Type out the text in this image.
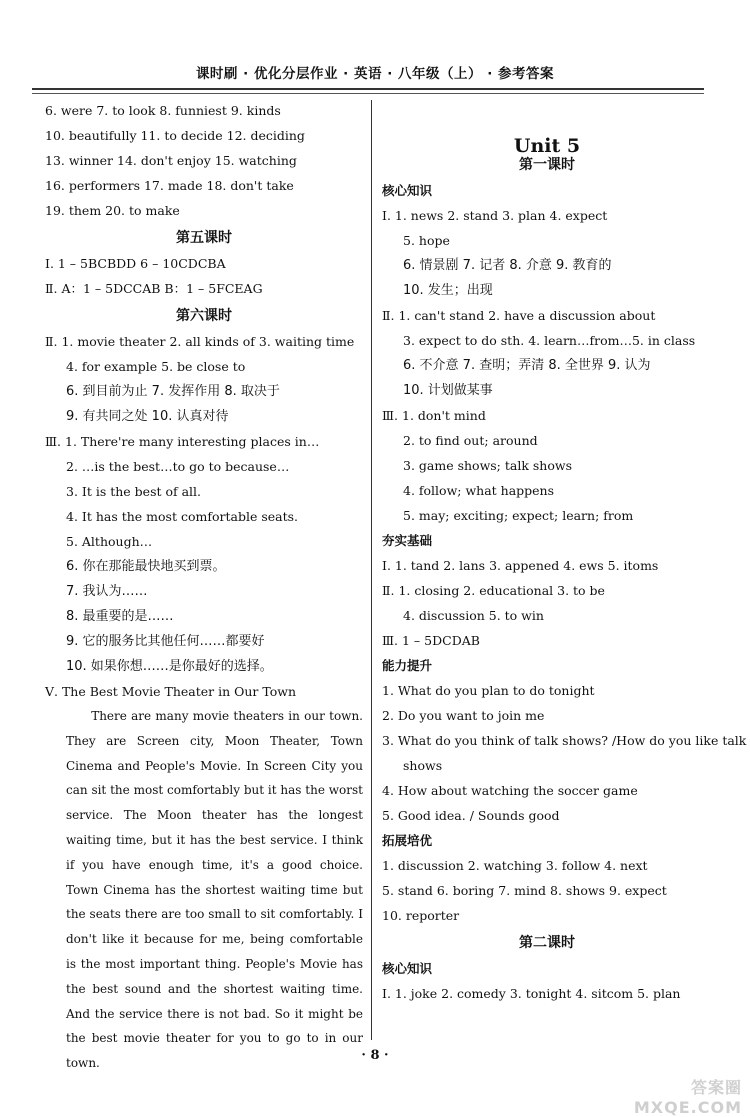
课时刷 · 优化分层作业 · 英语 · 八年级（上） · 参考答案
6. were 7. to look 8. funniest 9. kinds
10. beautifully 11. to decide 12. deciding
13. winner 14. don't enjoy 15. watching
16. performers 17. made 18. don't take
19. them 20. to make
第五课时
Ⅰ. 1 – 5BCBDD 6 – 10CDCBA
Ⅱ. A：1 – 5DCCAB B：1 – 5FCEAG
第六课时
Ⅱ. 1. movie theater 2. all kinds of 3. waiting time
4. for example 5. be close to
6. 到目前为止 7. 发挥作用 8. 取决于
9. 有共同之处 10. 认真对待
Ⅲ. 1. There're many interesting places in…
2. …is the best…to go to because…
3. It is the best of all.
4. It has the most comfortable seats.
5. Although…
6. 你在那能最快地买到票。
7. 我认为……
8. 最重要的是……
9. 它的服务比其他任何……都要好
10. 如果你想……是你最好的选择。
Ⅴ. The Best Movie Theater in Our Town

There are many movie theaters in our town. They are Screen city, Moon Theater, Town Cinema and People's Movie. In Screen City you can sit the most comfortably but it has the worst service. The Moon theater has the longest waiting time, but it has the best service. I think if you have enough time, it's a good choice. Town Cinema has the shortest waiting time but the seats there are too small to sit comfortably. I don't like it because for me, being comfortable is the most important thing. People's Movie has the best sound and the shortest waiting time. And the service there is not bad. So it might be the best movie theater for you to go to in our town.

Unit 5
第一课时
核心知识
Ⅰ. 1. news 2. stand 3. plan 4. expect
5. hope
6. 情景剧 7. 记者 8. 介意 9. 教育的
10. 发生；出现
Ⅱ. 1. can't stand 2. have a discussion about
3. expect to do sth. 4. learn…from…5. in class
6. 不介意 7. 查明；弄清 8. 全世界 9. 认为
10. 计划做某事
Ⅲ. 1. don't mind
2. to find out; around
3. game shows; talk shows
4. follow; what happens
5. may; exciting; expect; learn; from
夯实基础
Ⅰ. 1. tand 2. lans 3. appened 4. ews 5. itoms
Ⅱ. 1. closing 2. educational 3. to be
4. discussion 5. to win
Ⅲ. 1 – 5DCDAB
能力提升
1. What do you plan to do tonight
2. Do you want to join me
3. What do you think of talk shows? /How do you like talk
shows
4. How about watching the soccer game
5. Good idea. / Sounds good
拓展培优
1. discussion 2. watching 3. follow 4. next
5. stand 6. boring 7. mind 8. shows 9. expect
10. reporter
第二课时
核心知识
Ⅰ. 1. joke 2. comedy 3. tonight 4. sitcom 5. plan
· 8 ·
答案圈 MXQE.COM
